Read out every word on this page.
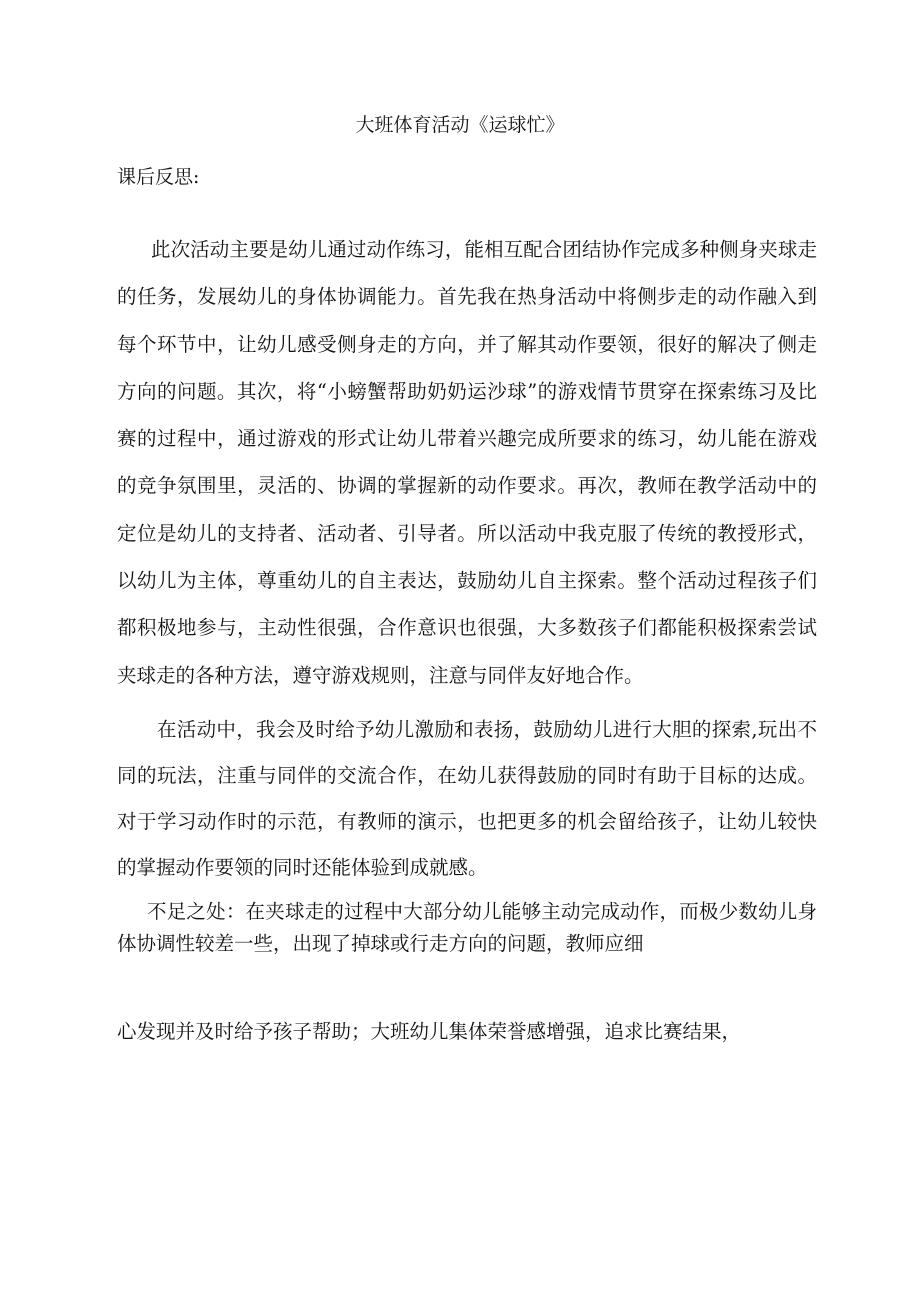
大班体育活动《运球忙》
课后反思:

此次活动主要是幼儿通过动作练习，能相互配合团结协作完成多种侧身夹球走的任务，发展幼儿的身体协调能力。首先我在热身活动中将侧步走的动作融入到每个环节中，让幼儿感受侧身走的方向，并了解其动作要领，很好的解决了侧走方向的问题。其次，将“小螃蟹帮助奶奶运沙球”的游戏情节贯穿在探索练习及比赛的过程中，通过游戏的形式让幼儿带着兴趣完成所要求的练习，幼儿能在游戏的竞争氛围里，灵活的、协调的掌握新的动作要求。再次，教师在教学活动中的定位是幼儿的支持者、活动者、引导者。所以活动中我克服了传统的教授形式，以幼儿为主体，尊重幼儿的自主表达，鼓励幼儿自主探索。整个活动过程孩子们都积极地参与，主动性很强，合作意识也很强，大多数孩子们都能积极探索尝试夹球走的各种方法，遵守游戏规则，注意与同伴友好地合作。

在活动中，我会及时给予幼儿激励和表扬，鼓励幼儿进行大胆的探索,玩出不同的玩法，注重与同伴的交流合作，在幼儿获得鼓励的同时有助于目标的达成。对于学习动作时的示范，有教师的演示，也把更多的机会留给孩子，让幼儿较快的掌握动作要领的同时还能体验到成就感。

不足之处：在夹球走的过程中大部分幼儿能够主动完成动作，而极少数幼儿身体协调性较差一些，出现了掉球或行走方向的问题，教师应细

心发现并及时给予孩子帮助；大班幼儿集体荣誉感增强，追求比赛结果，
